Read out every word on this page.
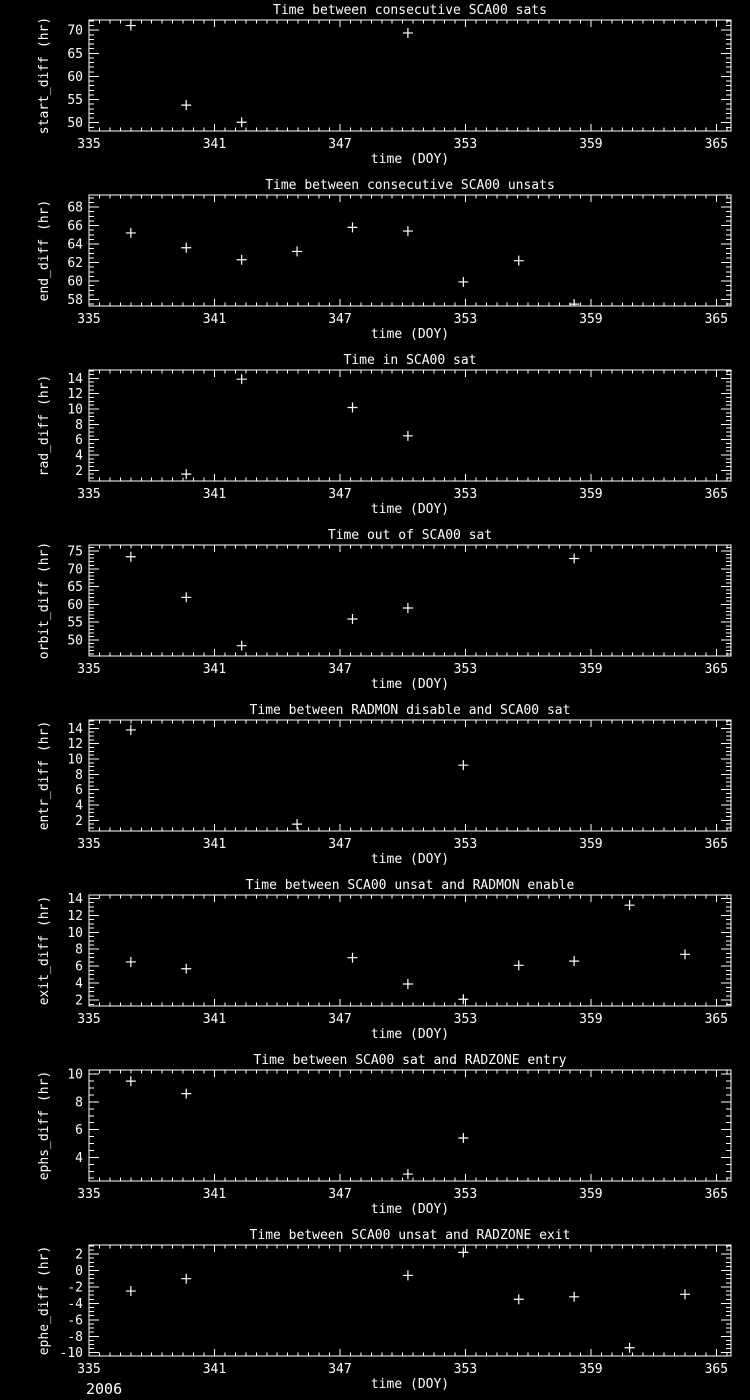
Time between consecutive SCA00 sats
335	341	347	353	359	365
time (DOY)
50
55
60
65
70
start_diff (hr)
Time between consecutive SCA00 unsats
335	341	347	353	359	365
time (DOY)
58
60
62
64
66
68
end_diff (hr)
Time in SCA00 sat
335	341	347	353	359	365
time (DOY)
2
4
6
8
10
12
14
rad_diff (hr)
Time out of SCA00 sat
335	341	347	353	359	365
time (DOY)
50
55
60
65
70
75
orbit_diff (hr)
Time between RADMON disable and SCA00 sat
335	341	347	353	359	365
time (DOY)
2
4
6
8
10
12
14
entr_diff (hr)
Time between SCA00 unsat and RADMON enable
335	341	347	353	359	365
time (DOY)
2
4
6
8
10
12
14
exit_diff (hr)
Time between SCA00 sat and RADZONE entry
335	341	347	353	359	365
time (DOY)
4
6
8
10
ephs_diff (hr)
Time between SCA00 unsat and RADZONE exit
335	341	347	353	359	365
time (DOY)
2
0
-2
-4
-6
-8
-10
ephe_diff (hr)
2006
